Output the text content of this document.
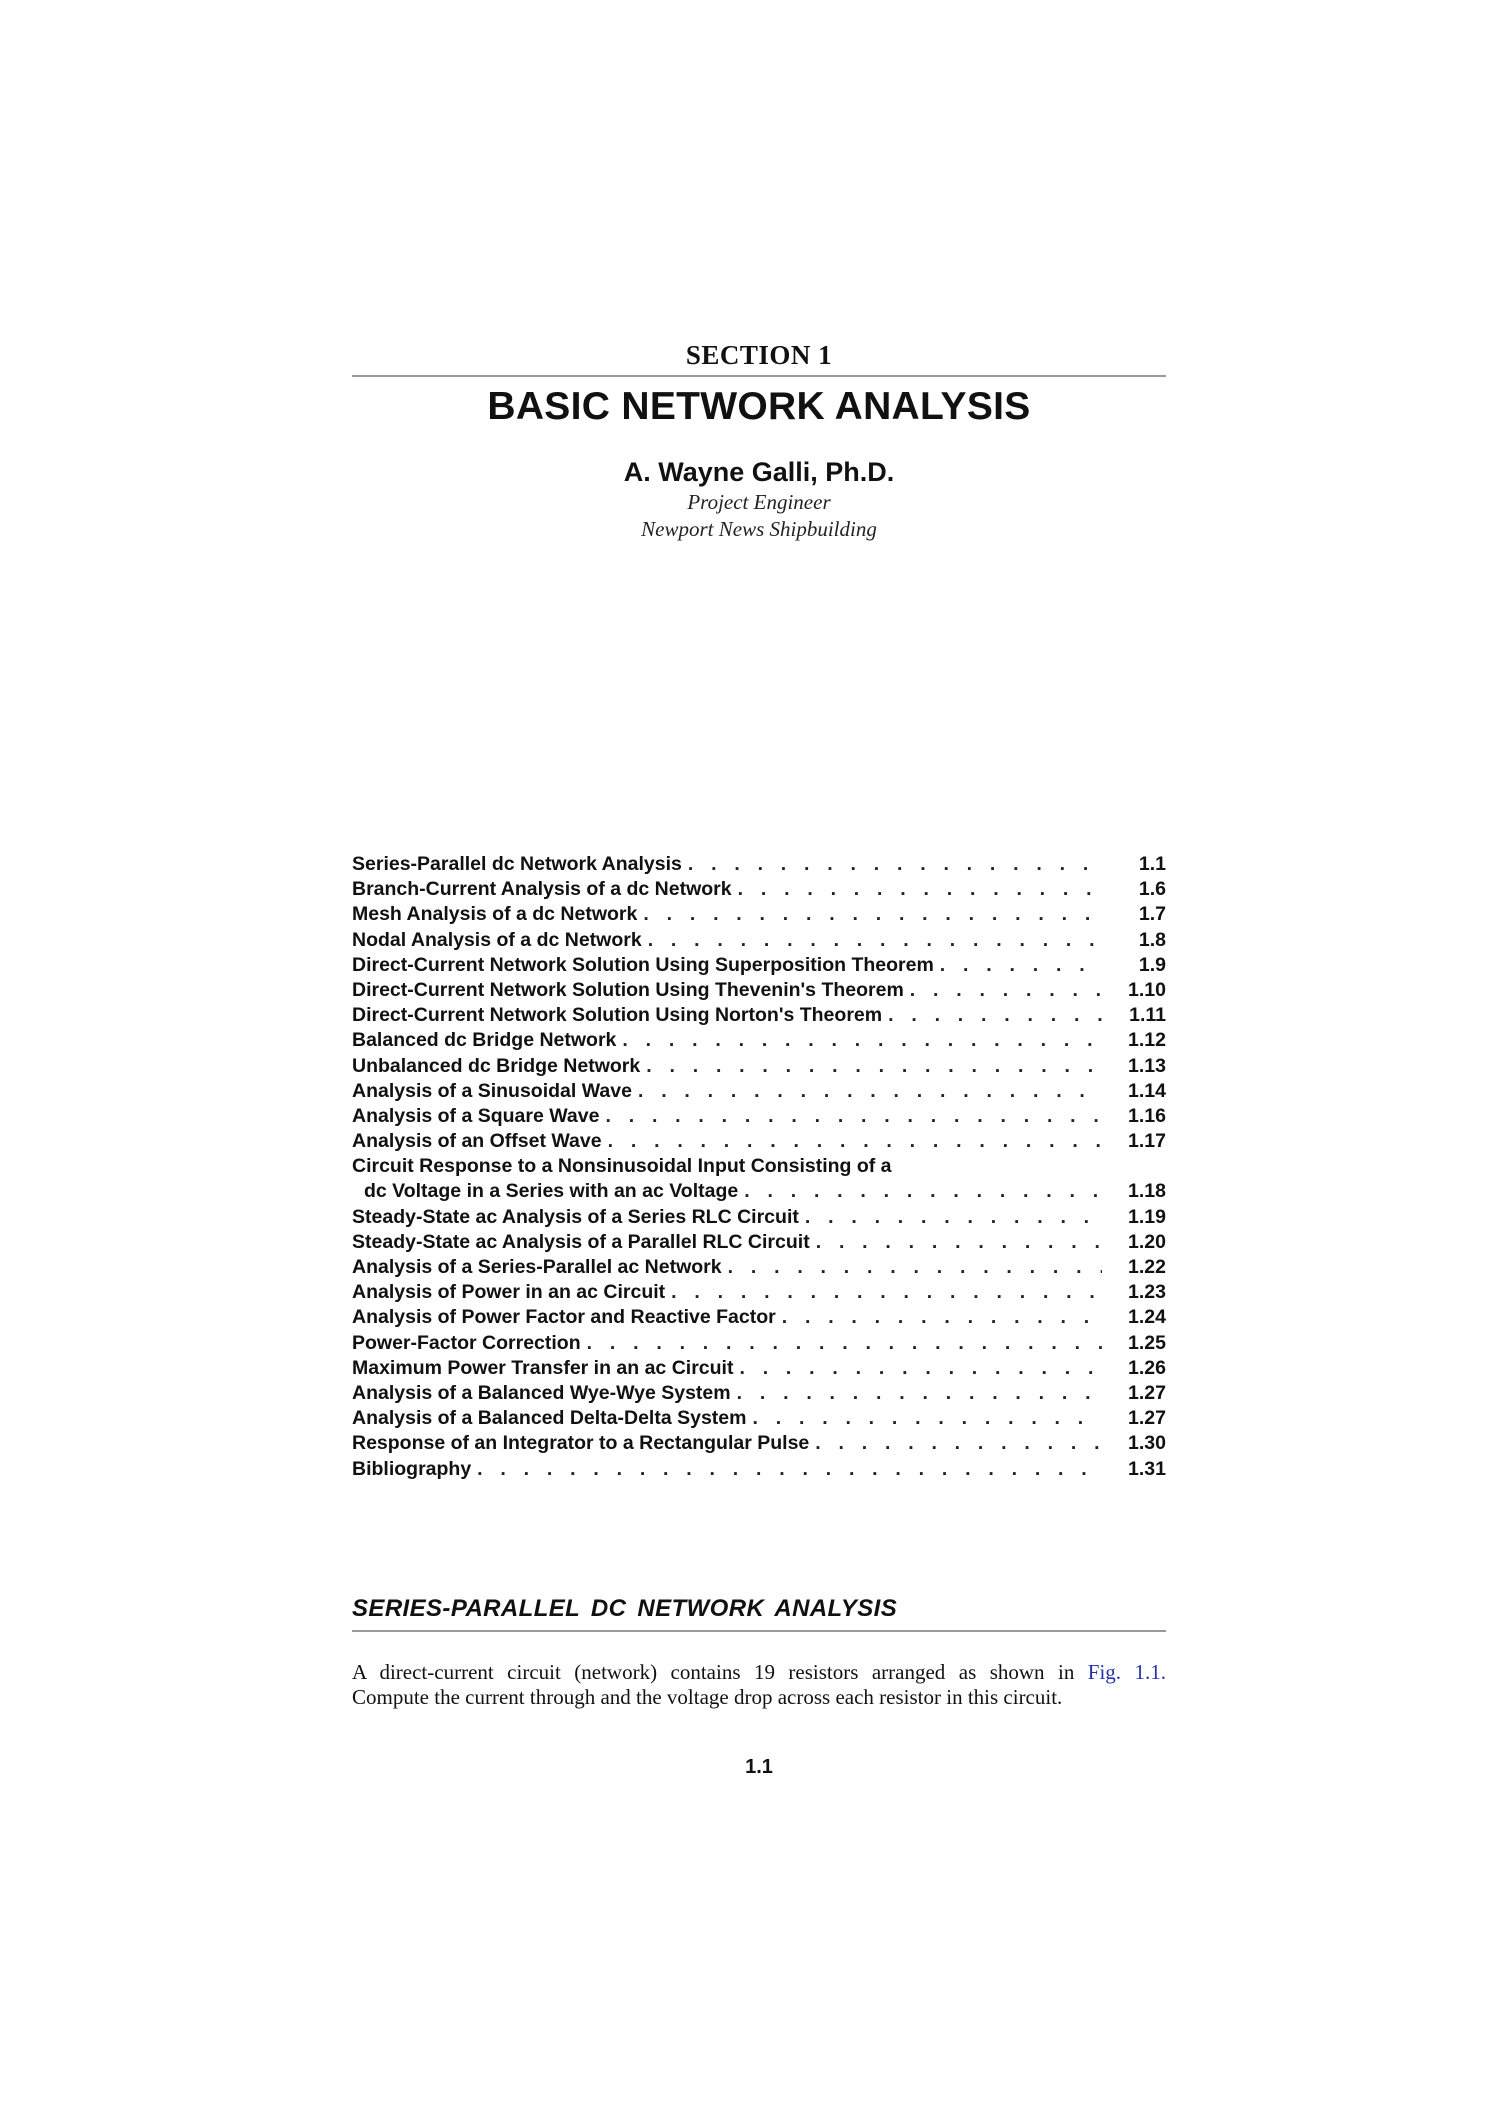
SECTION 1
BASIC NETWORK ANALYSIS
A. Wayne Galli, Ph.D.
Project Engineer
Newport News Shipbuilding
Series-Parallel dc Network Analysis . . .	1.1
Branch-Current Analysis of a dc Network . . .	1.6
Mesh Analysis of a dc Network . . .	1.7
Nodal Analysis of a dc Network . . .	1.8
Direct-Current Network Solution Using Superposition Theorem . . .	1.9
Direct-Current Network Solution Using Thevenin's Theorem . . .	1.10
Direct-Current Network Solution Using Norton's Theorem . . .	1.11
Balanced dc Bridge Network . . .	1.12
Unbalanced dc Bridge Network . . .	1.13
Analysis of a Sinusoidal Wave . . .	1.14
Analysis of a Square Wave . . .	1.16
Analysis of an Offset Wave . . .	1.17
Circuit Response to a Nonsinusoidal Input Consisting of a
dc Voltage in a Series with an ac Voltage . . .	1.18
Steady-State ac Analysis of a Series RLC Circuit . . .	1.19
Steady-State ac Analysis of a Parallel RLC Circuit . . .	1.20
Analysis of a Series-Parallel ac Network . . .	1.22
Analysis of Power in an ac Circuit . . .	1.23
Analysis of Power Factor and Reactive Factor . . .	1.24
Power-Factor Correction . . .	1.25
Maximum Power Transfer in an ac Circuit . . .	1.26
Analysis of a Balanced Wye-Wye System . . .	1.27
Analysis of a Balanced Delta-Delta System . . .	1.27
Response of an Integrator to a Rectangular Pulse . . .	1.30
Bibliography . . .	1.31
SERIES-PARALLEL DC NETWORK ANALYSIS
A direct-current circuit (network) contains 19 resistors arranged as shown in Fig. 1.1.
Compute the current through and the voltage drop across each resistor in this circuit.
1.1
